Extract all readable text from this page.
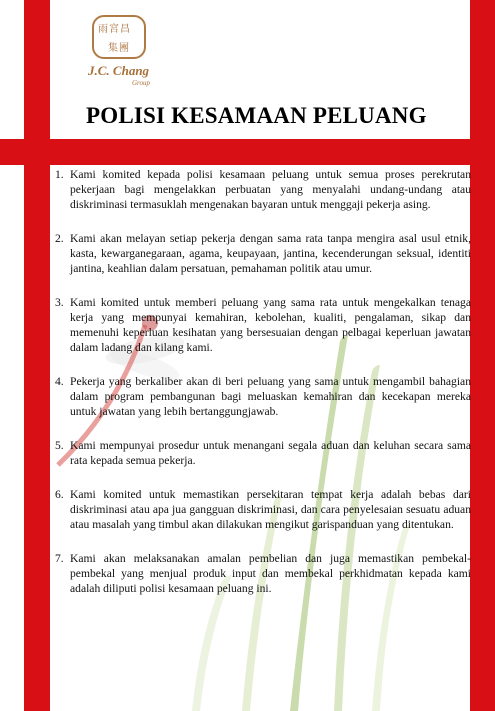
雨宮昌
集團
J.C. Chang
Group
POLISI KESAMAAN PELUANG
1. Kami komited kepada polisi kesamaan peluang untuk semua proses perekrutan pekerjaan bagi mengelakkan perbuatan yang menyalahi undang-undang atau diskriminasi termasuklah mengenakan bayaran untuk menggaji pekerja asing.
2. Kami akan melayan setiap pekerja dengan sama rata tanpa mengira asal usul etnik, kasta, kewarganegaraan, agama, keupayaan, jantina, kecenderungan seksual, identiti jantina, keahlian dalam persatuan, pemahaman politik atau umur.
3. Kami komited untuk memberi peluang yang sama rata untuk mengekalkan tenaga kerja yang mempunyai kemahiran, kebolehan, kualiti, pengalaman, sikap dan memenuhi keperluan kesihatan yang bersesuaian dengan pelbagai keperluan jawatan dalam ladang dan kilang kami.
4. Pekerja yang berkaliber akan di beri peluang yang sama untuk mengambil bahagian dalam program pembangunan bagi meluaskan kemahiran dan kecekapan mereka untuk jawatan yang lebih bertanggungjawab.
5. Kami mempunyai prosedur untuk menangani segala aduan dan keluhan secara sama rata kepada semua pekerja.
6. Kami komited untuk memastikan persekitaran tempat kerja adalah bebas dari diskriminasi atau apa jua gangguan diskriminasi, dan cara penyelesaian sesuatu aduan atau masalah yang timbul akan dilakukan mengikut garispanduan yang ditentukan.
7. Kami akan melaksanakan amalan pembelian dan juga memastikan pembekal-pembekal yang menjual produk input dan membekal perkhidmatan kepada kami adalah diliputi polisi kesamaan peluang ini.
